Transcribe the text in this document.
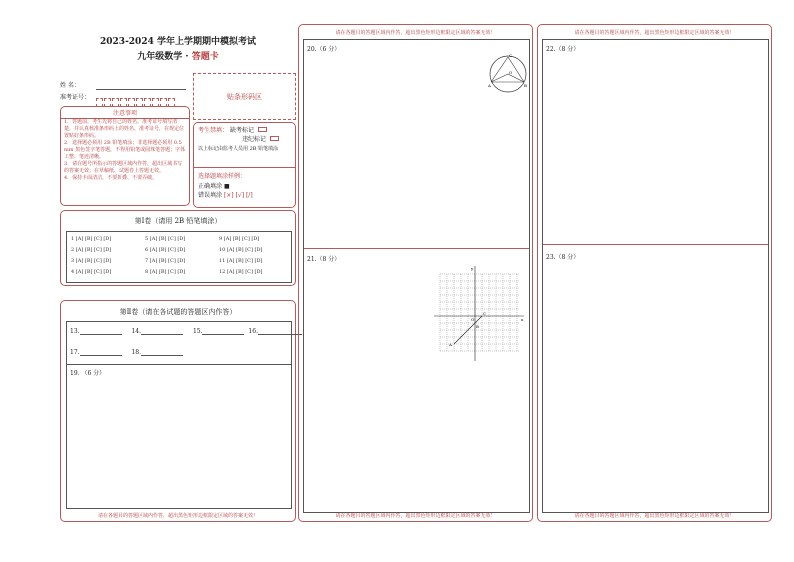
2023-2024 学年上学期期中模拟考试
九年级数学 · 答题卡
姓 名：
准考证号：	贴条形码区
注意事项

1．答题前，考生先将自己的姓名、准考证号填写清楚，并认真核准条形码上的姓名、准考证号，在规定位置贴好条形码。

2．选择题必须用 2B 铅笔填涂；非选择题必须用 0.5 mm 黑色签字笔答题，不得用铅笔或圆珠笔答题；字体工整、笔迹清晰。

3．请在题号所指示的答题区域内作答，超出区域书写的答案无效；在草稿纸、试题卷上答题无效。

4．保持卡面清洁，不要折叠、不要弄破。

考生禁填： 缺考标记
违纪标记
以上标记由监考人员用 2B 铅笔填涂
选择题填涂样例：
正确填涂 ■
错误填涂 [×] [√] [/]
第Ⅰ卷（请用 2B 铅笔填涂）
1 [A] [B] [C] [D]	5 [A] [B] [C] [D]	9 [A] [B] [C] [D]
2 [A] [B] [C] [D]	6 [A] [B] [C] [D]	10 [A] [B] [C] [D]
3 [A] [B] [C] [D]	7 [A] [B] [C] [D]	11 [A] [B] [C] [D]
4 [A] [B] [C] [D]	8 [A] [B] [C] [D]	12 [A] [B] [C] [D]
第Ⅱ卷（请在各试题的答题区内作答）
13.	14.	15.	16.
17.	18.
19. （6 分）
请在各题目的答题区域内作答，超出黑色矩形边框限定区域的答案无效！
请在各题目的答题区域内作答，超出黑色矩形边框限定区域的答案无效！
20.（6 分）
O
A	B
C
21.（8 分）
y
x
O
A
B
C
请在各题目的答题区域内作答，超出黑色矩形边框限定区域的答案无效！
请在各题目的答题区域内作答，超出黑色矩形边框限定区域的答案无效！
22.（8 分）
23.（8 分）
请在各题目的答题区域内作答，超出黑色矩形边框限定区域的答案无效！
